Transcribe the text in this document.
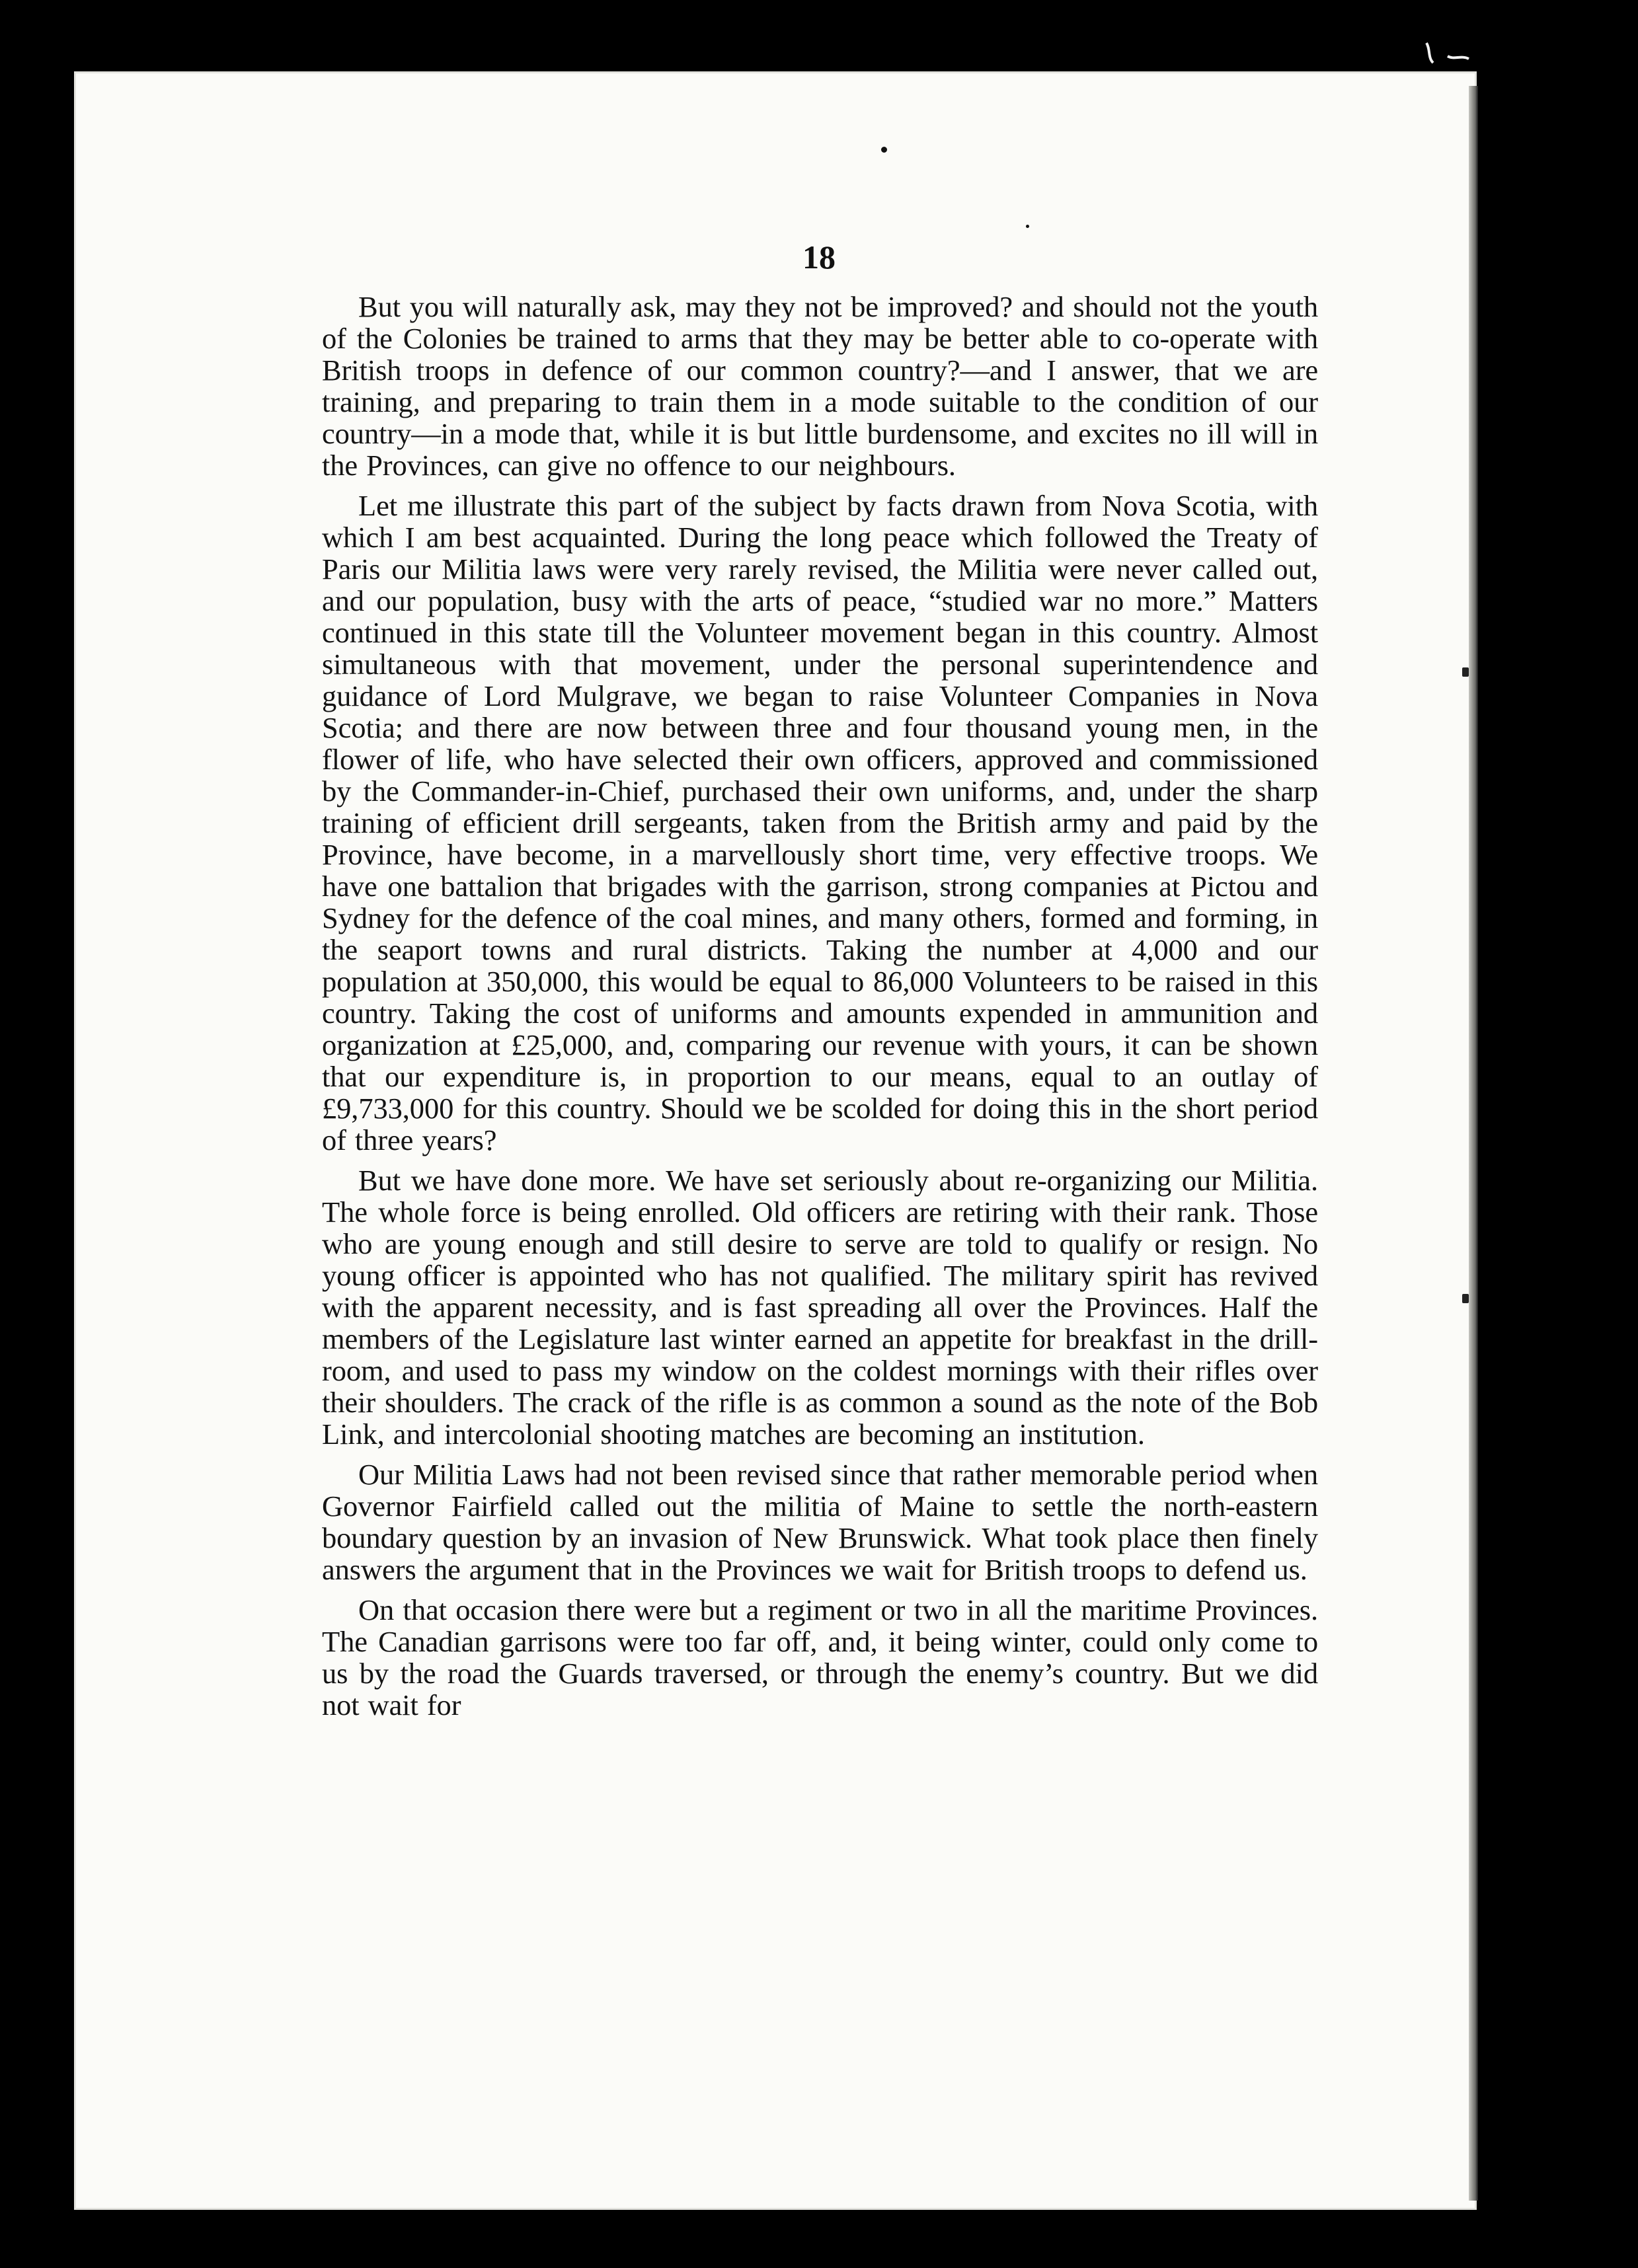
18

But you will naturally ask, may they not be improved? and should not the youth of the Colonies be trained to arms that they may be better able to co-operate with British troops in defence of our common country?—and I answer, that we are training, and preparing to train them in a mode suitable to the condition of our country—in a mode that, while it is but little burdensome, and excites no ill will in the Provinces, can give no offence to our neighbours.

Let me illustrate this part of the subject by facts drawn from Nova Scotia, with which I am best acquainted. During the long peace which followed the Treaty of Paris our Militia laws were very rarely revised, the Militia were never called out, and our population, busy with the arts of peace, “studied war no more.” Matters continued in this state till the Volunteer movement began in this country. Almost simultaneous with that movement, under the personal superintendence and guidance of Lord Mulgrave, we began to raise Volunteer Companies in Nova Scotia; and there are now between three and four thousand young men, in the flower of life, who have selected their own officers, approved and commissioned by the Commander-in-Chief, purchased their own uniforms, and, under the sharp training of efficient drill sergeants, taken from the British army and paid by the Province, have become, in a marvellously short time, very effective troops. We have one battalion that brigades with the garrison, strong companies at Pictou and Sydney for the defence of the coal mines, and many others, formed and forming, in the seaport towns and rural districts. Taking the number at 4,000 and our population at 350,000, this would be equal to 86,000 Volunteers to be raised in this country. Taking the cost of uniforms and amounts expended in ammunition and organization at £25,000, and, comparing our revenue with yours, it can be shown that our expenditure is, in proportion to our means, equal to an outlay of £9,733,000 for this country. Should we be scolded for doing this in the short period of three years?

But we have done more. We have set seriously about re-organizing our Militia. The whole force is being enrolled. Old officers are retiring with their rank. Those who are young enough and still desire to serve are told to qualify or resign. No young officer is appointed who has not qualified. The military spirit has revived with the apparent necessity, and is fast spreading all over the Provinces. Half the members of the Legislature last winter earned an appetite for breakfast in the drill-room, and used to pass my window on the coldest mornings with their rifles over their shoulders. The crack of the rifle is as common a sound as the note of the Bob Link, and intercolonial shooting matches are becoming an institution.

Our Militia Laws had not been revised since that rather memorable period when Governor Fairfield called out the militia of Maine to settle the north-eastern boundary question by an invasion of New Brunswick. What took place then finely answers the argument that in the Provinces we wait for British troops to defend us.

On that occasion there were but a regiment or two in all the maritime Provinces. The Canadian garrisons were too far off, and, it being winter, could only come to us by the road the Guards traversed, or through the enemy’s country. But we did not wait for
